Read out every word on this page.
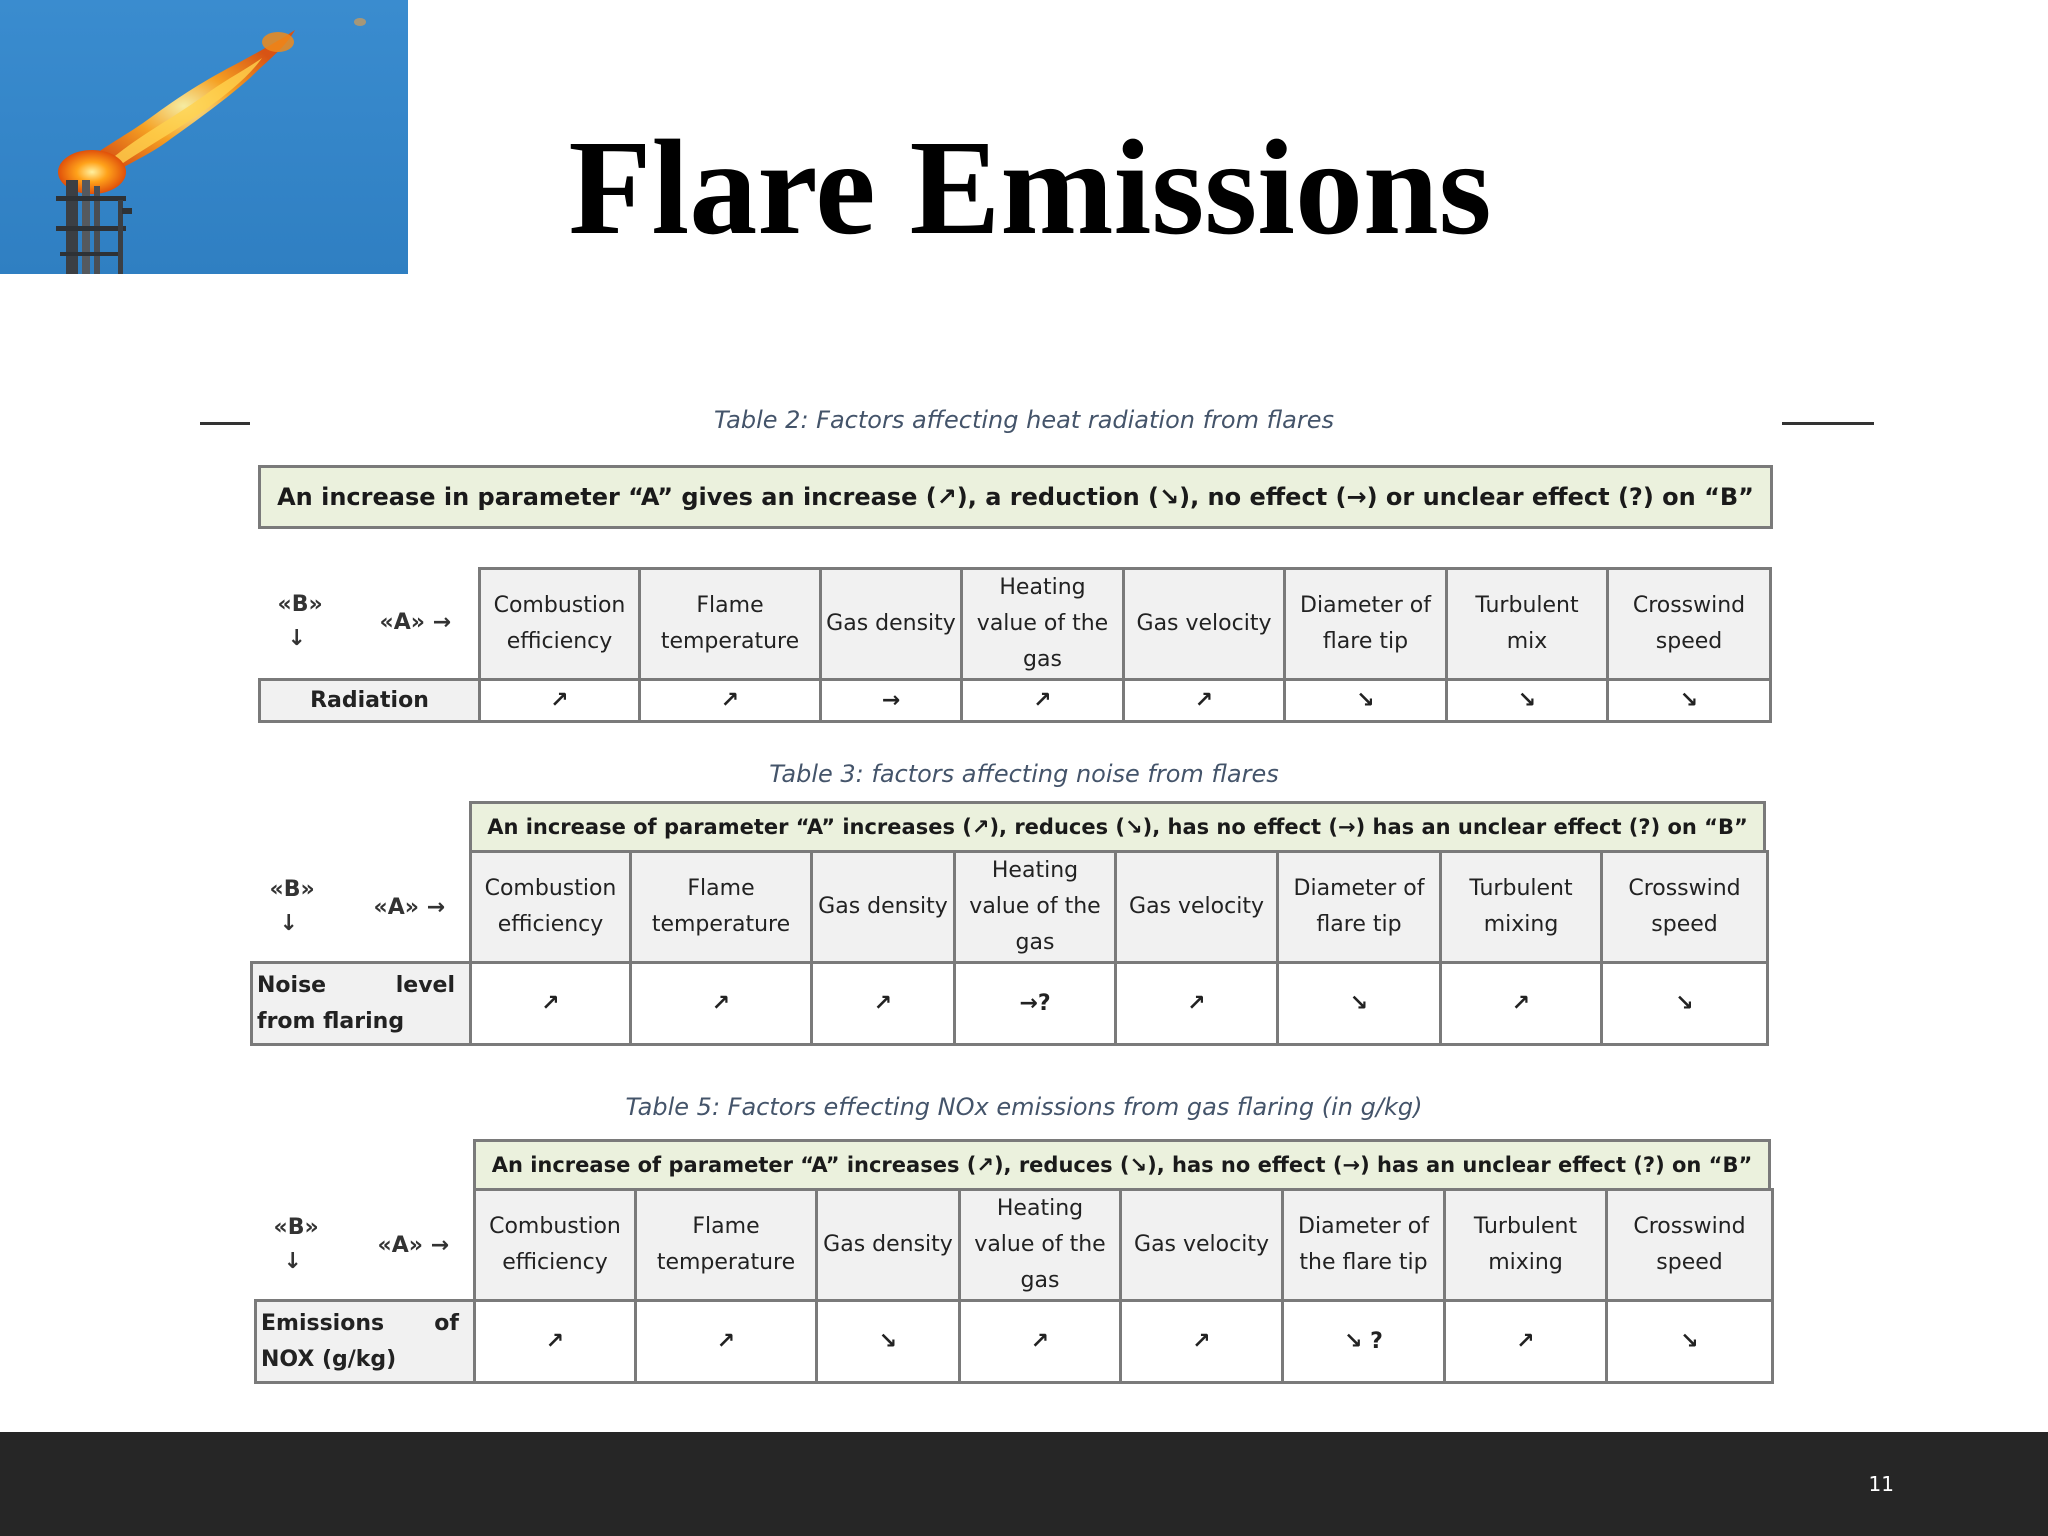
Flare Emissions
Table 2: Factors affecting heat radiation from flares
An increase in parameter “A” gives an increase (↗), a reduction (↘), no effect (→) or unclear effect (?) on “B”
«B»
↓
«A» →	Combustion efficiency	Flame temperature	Gas density	Heating value of the gas	Gas velocity	Diameter of flare tip	Turbulent mix	Crosswind speed
Radiation	↗	↗	→	↗	↗	↘	↘	↘
Table 3: factors affecting noise from flares
An increase of parameter “A” increases (↗), reduces (↘), has no effect (→) has an unclear effect (?) on “B”
«B»
↓
«A» →	Combustion efficiency	Flame temperature	Gas density	Heating value of the gas	Gas velocity	Diameter of flare tip	Turbulent mixing	Crosswind speed
Noise level from flaring	↗	↗	↗	→?	↗	↘	↗	↘
Table 5: Factors effecting NOx emissions from gas flaring (in g/kg)
An increase of parameter “A” increases (↗), reduces (↘), has no effect (→) has an unclear effect (?) on “B”
«B»
↓
«A» →	Combustion efficiency	Flame temperature	Gas density	Heating value of the gas	Gas velocity	Diameter of the flare tip	Turbulent mixing	Crosswind speed
Emissions of NOX (g/kg)	↗	↗	↘	↗	↗	↘ ?	↗	↘
11
